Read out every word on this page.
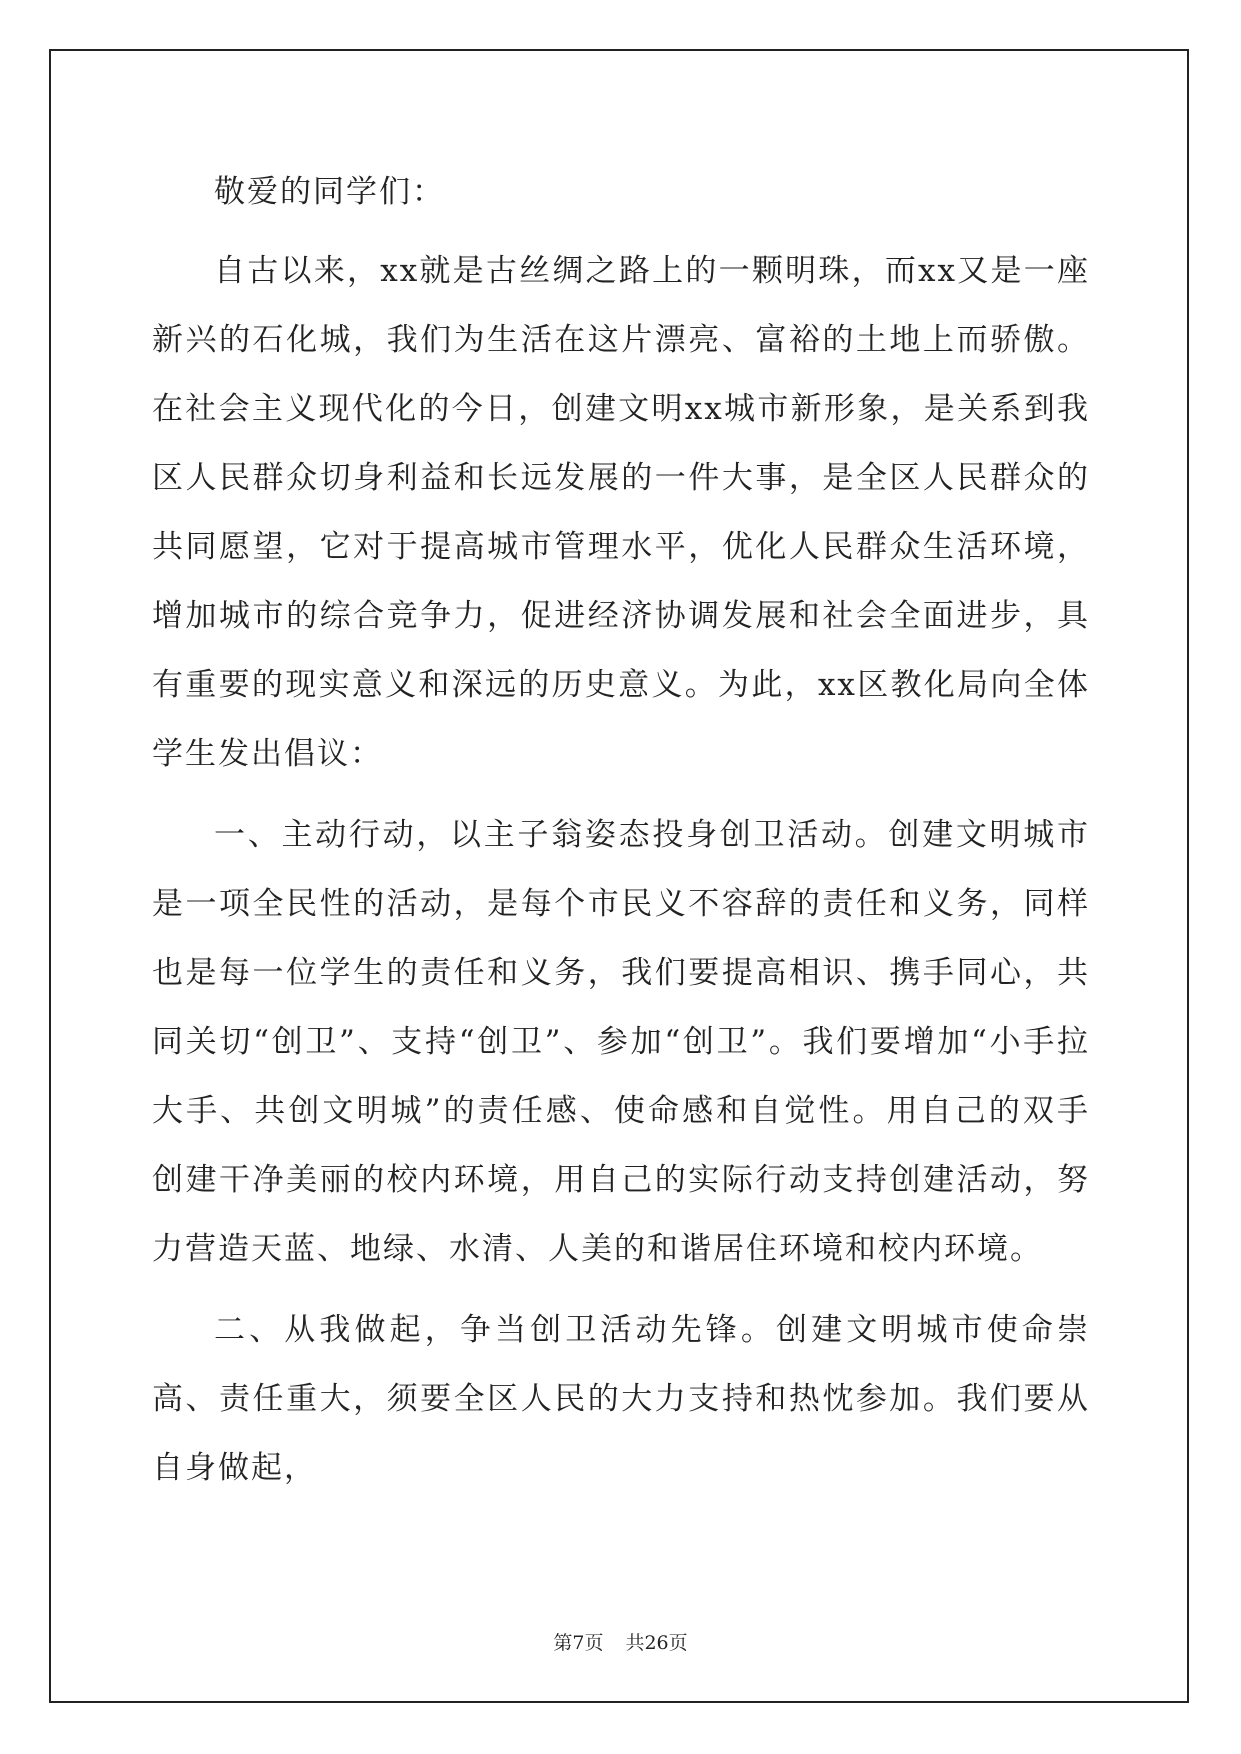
敬爱的同学们：

自古以来，xx就是古丝绸之路上的一颗明珠，而xx又是一座新兴的石化城，我们为生活在这片漂亮、富裕的土地上而骄傲。在社会主义现代化的今日，创建文明xx城市新形象，是关系到我区人民群众切身利益和长远发展的一件大事，是全区人民群众的共同愿望，它对于提高城市管理水平，优化人民群众生活环境，增加城市的综合竞争力，促进经济协调发展和社会全面进步，具有重要的现实意义和深远的历史意义。为此，xx区教化局向全体学生发出倡议：

一、主动行动，以主子翁姿态投身创卫活动。创建文明城市是一项全民性的活动，是每个市民义不容辞的责任和义务，同样也是每一位学生的责任和义务，我们要提高相识、携手同心，共同关切“创卫”、支持“创卫”、参加“创卫”。我们要增加“小手拉大手、共创文明城”的责任感、使命感和自觉性。用自己的双手创建干净美丽的校内环境，用自己的实际行动支持创建活动，努力营造天蓝、地绿、水清、人美的和谐居住环境和校内环境。

二、从我做起，争当创卫活动先锋。创建文明城市使命崇高、责任重大，须要全区人民的大力支持和热忱参加。我们要从自身做起，

第7页 共26页
